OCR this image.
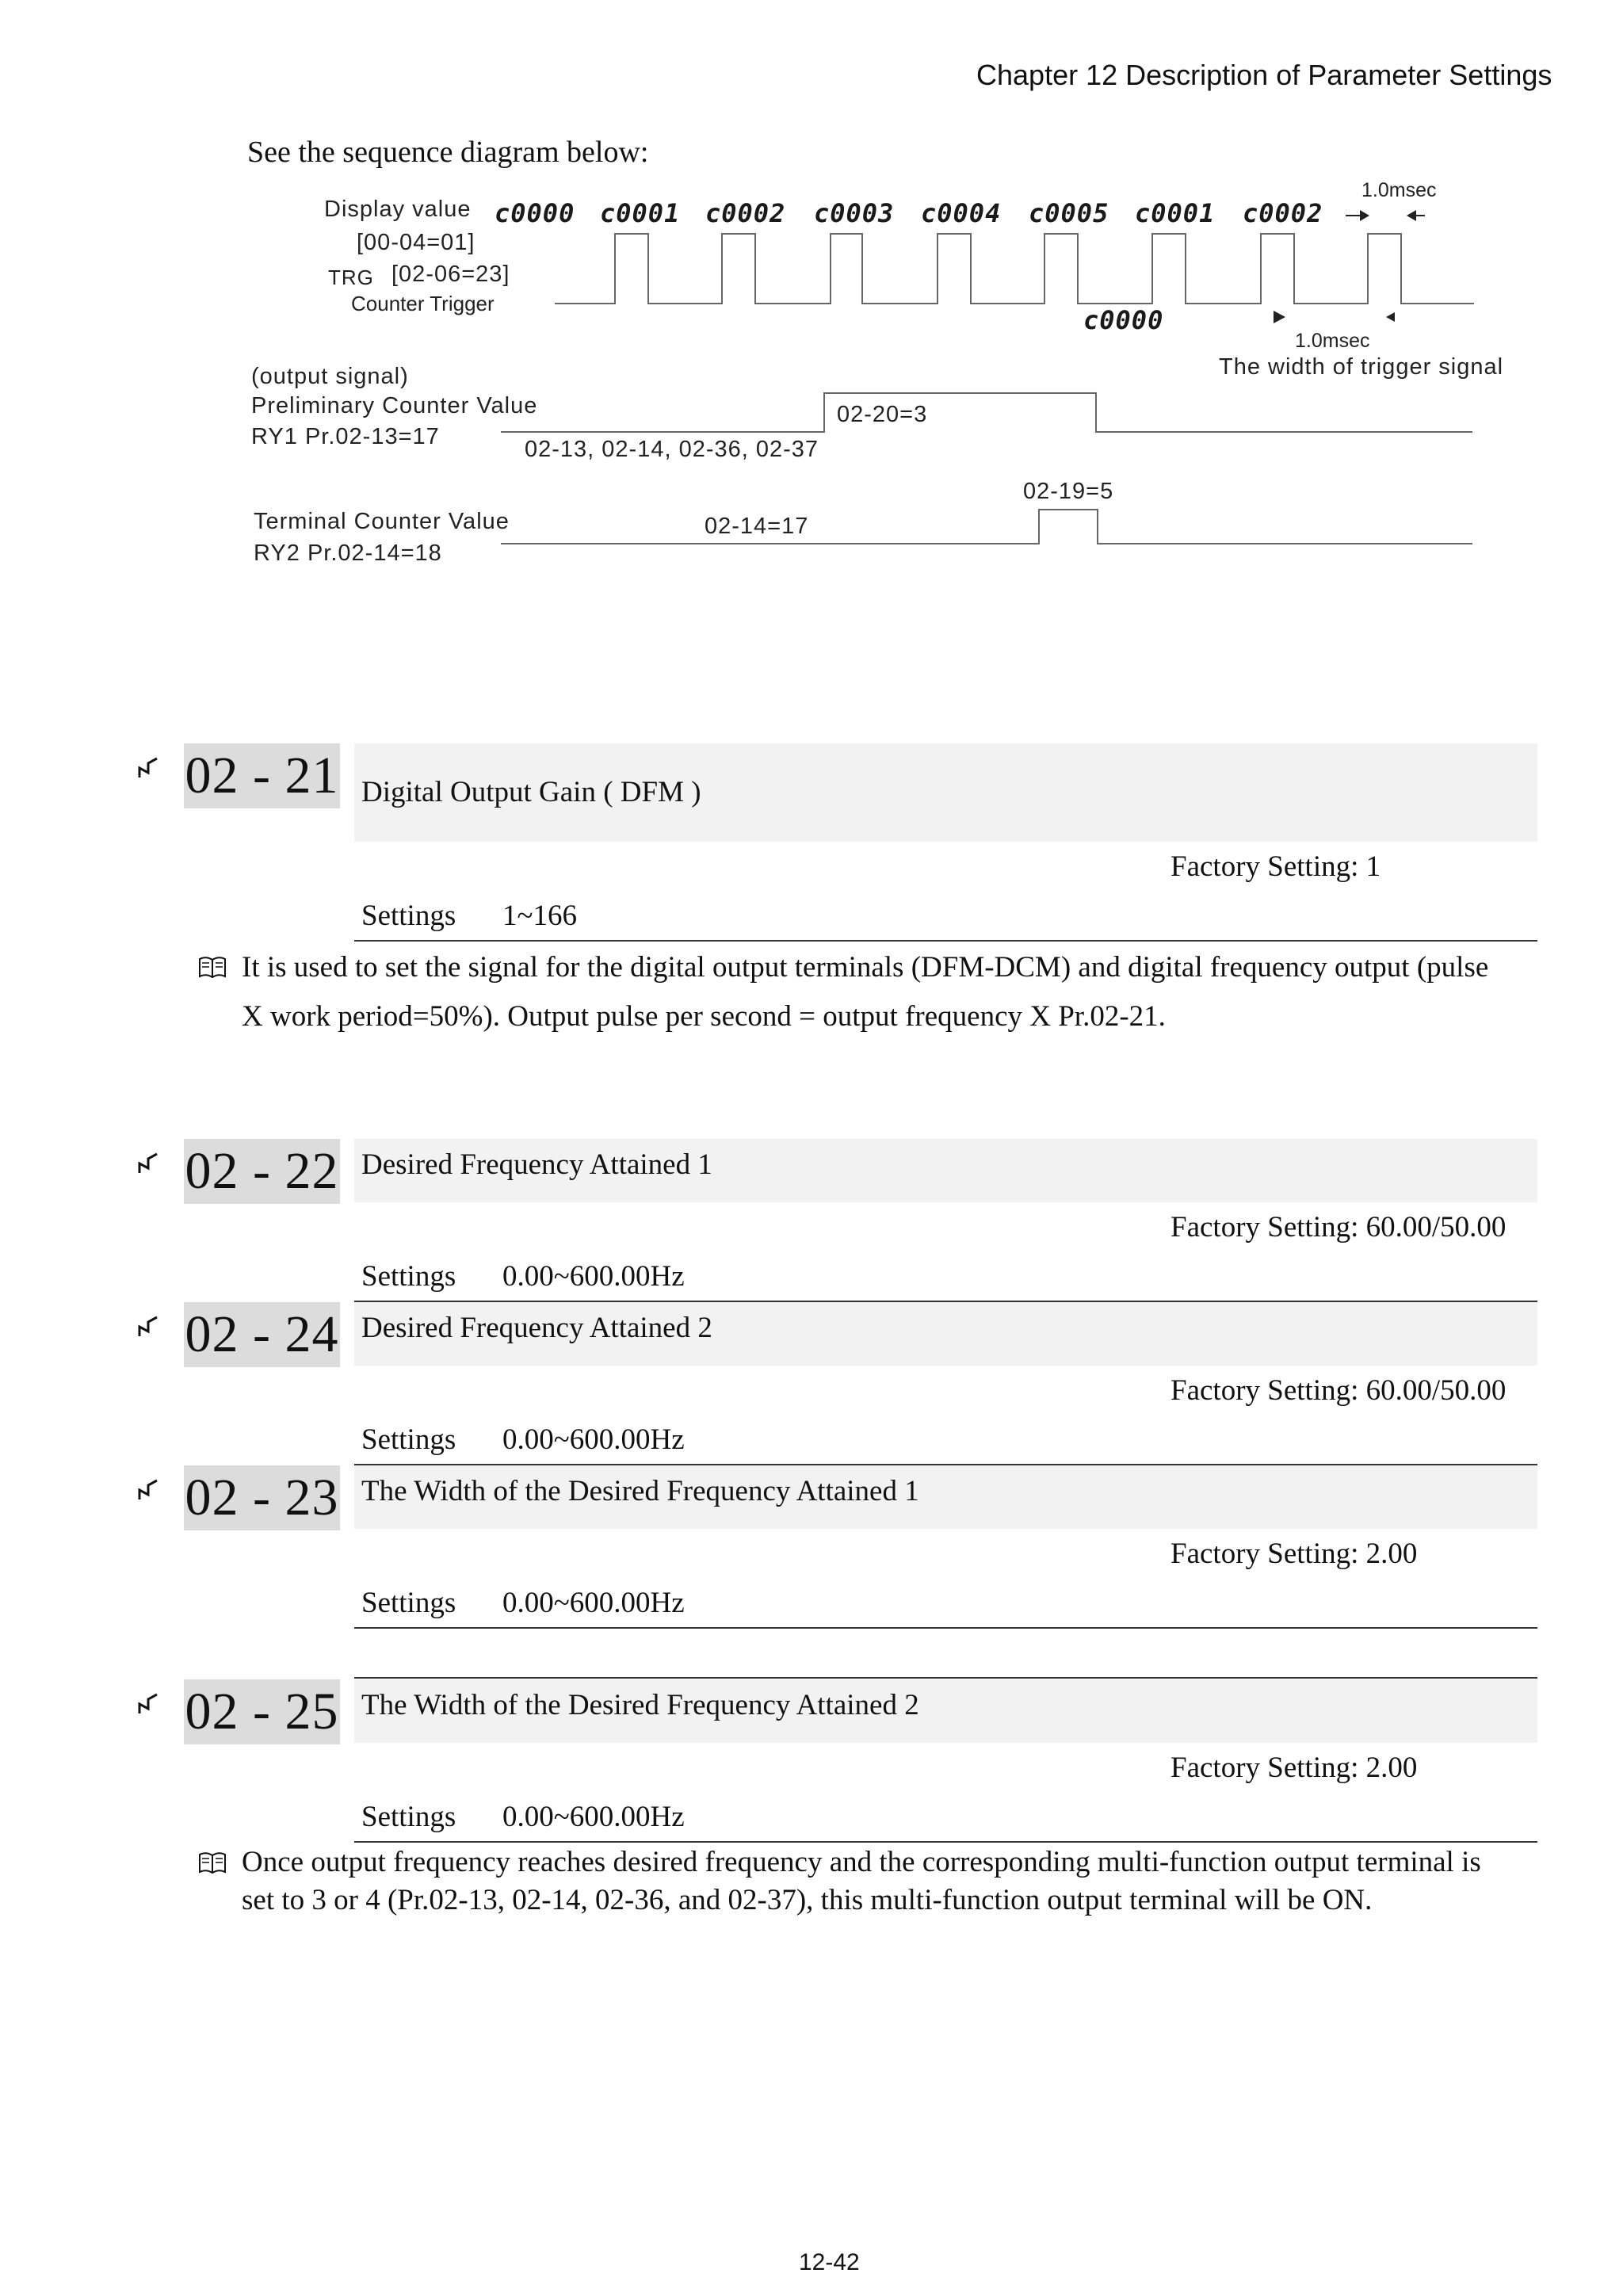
Chapter 12 Description of Parameter Settings
See the sequence diagram below:
Display value
[00-04=01]
TRG [02-06=23]
Counter Trigger
c0000 c0001 c0002 c0003 c0004 c0005 c0001 c0002
c0000
1.0msec
1.0msec
The width of trigger signal
(output signal)
Preliminary Counter Value
RY1 Pr.02-13=17	02-13, 02-14, 02-36, 02-37
02-20=3
02-19=5
Terminal Counter Value
RY2 Pr.02-14=18
02-14=17
02 - 21 Digital Output Gain ( DFM )
Factory Setting: 1
Settings 1~166
It is used to set the signal for the digital output terminals (DFM-DCM) and digital frequency output (pulse
X work period=50%). Output pulse per second = output frequency X Pr.02-21.
02 - 22 Desired Frequency Attained 1
Factory Setting: 60.00/50.00
Settings 0.00~600.00Hz
02 - 24 Desired Frequency Attained 2
Factory Setting: 60.00/50.00
Settings 0.00~600.00Hz
02 - 23 The Width of the Desired Frequency Attained 1
Factory Setting: 2.00
Settings 0.00~600.00Hz
02 - 25 The Width of the Desired Frequency Attained 2
Factory Setting: 2.00
Settings 0.00~600.00Hz
Once output frequency reaches desired frequency and the corresponding multi-function output terminal is
set to 3 or 4 (Pr.02-13, 02-14, 02-36, and 02-37), this multi-function output terminal will be ON.
12-42
